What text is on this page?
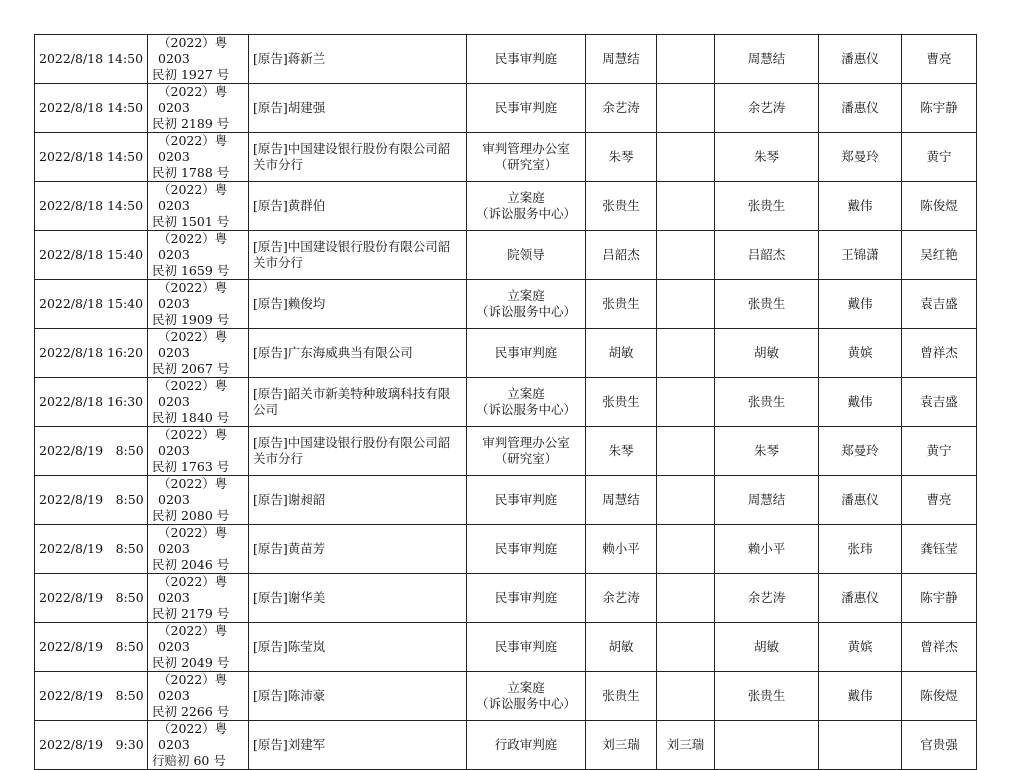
2022/8/18 14:50	（2022）粤 0203
民初 1927 号	[原告]蒋新兰	民事审判庭	周慧结		周慧结	潘惠仪	曹亮
2022/8/18 14:50	（2022）粤 0203
民初 2189 号	[原告]胡建强	民事审判庭	余艺涛		余艺涛	潘惠仪	陈宇静
2022/8/18 14:50	（2022）粤 0203
民初 1788 号	[原告]中国建设银行股份有限公司韶关市分行	审判管理办公室
（研究室）	朱琴		朱琴	郑曼玲	黄宁
2022/8/18 14:50	（2022）粤 0203
民初 1501 号	[原告]黄群伯	立案庭
（诉讼服务中心）	张贵生		张贵生	戴伟	陈俊煜
2022/8/18 15:40	（2022）粤 0203
民初 1659 号	[原告]中国建设银行股份有限公司韶关市分行	院领导	吕韶杰		吕韶杰	王锦潇	吴红艳
2022/8/18 15:40	（2022）粤 0203
民初 1909 号	[原告]赖俊均	立案庭
（诉讼服务中心）	张贵生		张贵生	戴伟	袁吉盛
2022/8/18 16:20	（2022）粤 0203
民初 2067 号	[原告]广东海威典当有限公司	民事审判庭	胡敏		胡敏	黄嫔	曾祥杰
2022/8/18 16:30	（2022）粤 0203
民初 1840 号	[原告]韶关市新美特种玻璃科技有限公司	立案庭
（诉讼服务中心）	张贵生		张贵生	戴伟	袁吉盛
2022/8/19　8:50	（2022）粤 0203
民初 1763 号	[原告]中国建设银行股份有限公司韶关市分行	审判管理办公室
（研究室）	朱琴		朱琴	郑曼玲	黄宁
2022/8/19　8:50	（2022）粤 0203
民初 2080 号	[原告]谢昶韶	民事审判庭	周慧结		周慧结	潘惠仪	曹亮
2022/8/19　8:50	（2022）粤 0203
民初 2046 号	[原告]黄苗芳	民事审判庭	赖小平		赖小平	张玮	龚钰莹
2022/8/19　8:50	（2022）粤 0203
民初 2179 号	[原告]谢华美	民事审判庭	余艺涛		余艺涛	潘惠仪	陈宇静
2022/8/19　8:50	（2022）粤 0203
民初 2049 号	[原告]陈莹岚	民事审判庭	胡敏		胡敏	黄嫔	曾祥杰
2022/8/19　8:50	（2022）粤 0203
民初 2266 号	[原告]陈沛豪	立案庭
（诉讼服务中心）	张贵生		张贵生	戴伟	陈俊煜
2022/8/19　9:30	（2022）粤 0203
行赔初 60 号	[原告]刘建军	行政审判庭	刘三瑞	刘三瑞			官贵强
